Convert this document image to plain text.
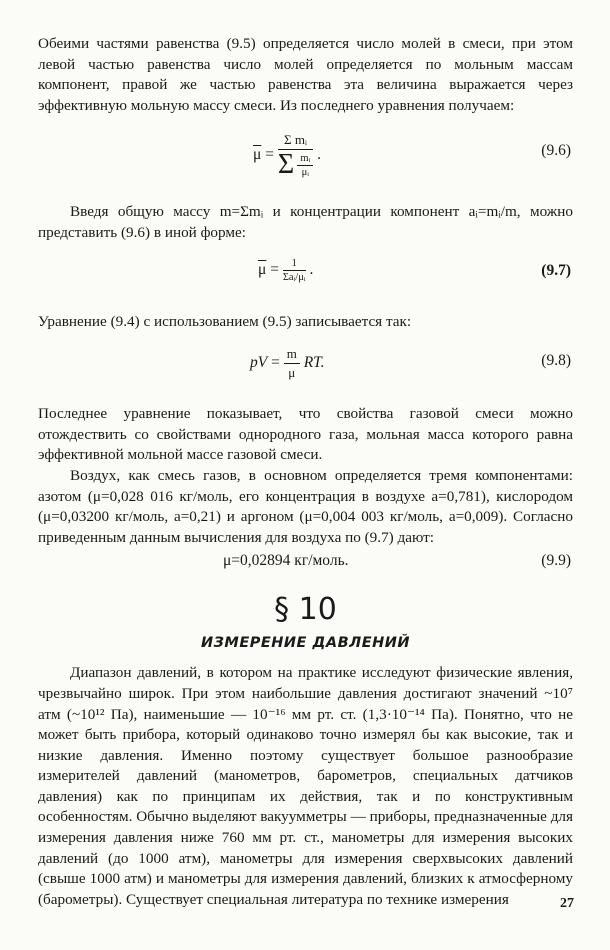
Обеими частями равенства (9.5) определяется число молей в смеси, при этом левой частью равенства число молей определяется по мольным массам компонент, правой же частью равенства эта величина выражается через эффективную мольную массу смеси. Из последнего уравнения получаем:

$\overline{\mu} = \frac{\text{Σ mᵢ}}{\Sigma \frac{\text{mᵢ}}{\text{μᵢ}}}$ .	(9.6)

Введя общую массу m=Σmᵢ и концентрации компонент aᵢ=mᵢ/m, можно представить (9.6) в иной форме:

$\overline{\mu} = \frac{1}{\text{Σaᵢ/μᵢ}}$ .	(9.7)

Уравнение (9.4) с использованием (9.5) записывается так:

pV = $\frac{m}{\mu}$ RT.	(9.8)

Последнее уравнение показывает, что свойства газовой смеси можно отождествить со свойствами однородного газа, мольная масса которого равна эффективной мольной массе газовой смеси.

Воздух, как смесь газов, в основном определяется тремя компонентами: азотом (μ=0,028 016 кг/моль, его концентрация в воздухе a=0,781), кислородом (μ=0,03200 кг/моль, a=0,21) и аргоном (μ=0,004 003 кг/моль, a=0,009). Согласно приведенным данным вычисления для воздуха по (9.7) дают:

μ=0,02894 кг/моль.	(9.9)
§ 10
ИЗМЕРЕНИЕ ДАВЛЕНИЙ

Диапазон давлений, в котором на практике исследуют физические явления, чрезвычайно широк. При этом наибольшие давления достигают значений ~10⁷ атм (~10¹² Па), наименьшие — 10⁻¹⁶ мм рт. ст. (1,3·10⁻¹⁴ Па). Понятно, что не может быть прибора, который одинаково точно измерял бы как высокие, так и низкие давления. Именно поэтому существует большое разнообразие измерителей давлений (манометров, барометров, специальных датчиков давления) как по принципам их действия, так и по конструктивным особенностям. Обычно выделяют вакуумметры — приборы, предназначенные для измерения давления ниже 760 мм рт. ст., манометры для измерения высоких давлений (до 1000 атм), манометры для измерения сверхвысоких давлений (свыше 1000 атм) и манометры для измерения давлений, близких к атмосферному (барометры). Существует специальная литература по технике измерения	27
